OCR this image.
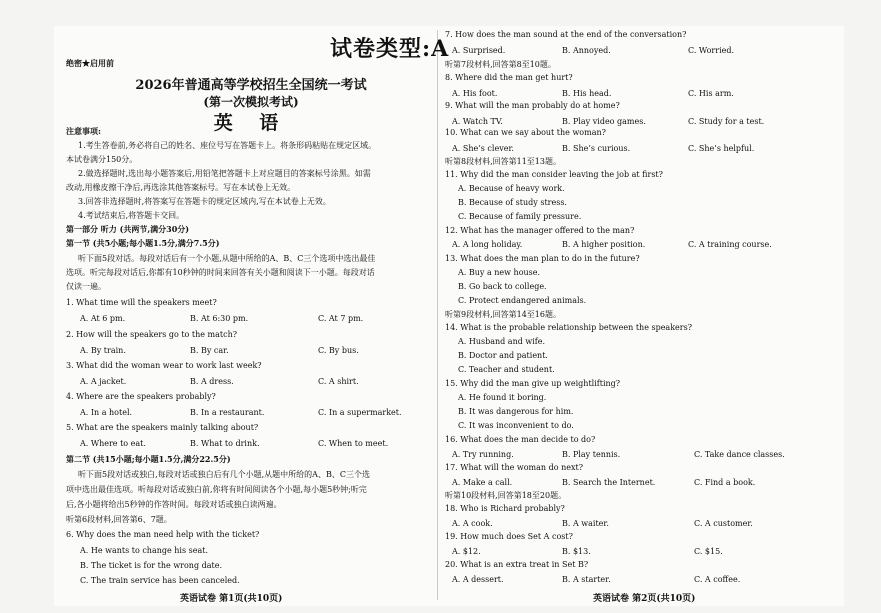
试卷类型:A
绝密★启用前
2026年普通高等学校招生全国统一考试
(第一次模拟考试)
英 语
注意事项:
1.考生答卷前,务必将自己的姓名、座位号写在答题卡上。将条形码粘贴在规定区域。
本试卷满分150分。
2.做选择题时,选出每小题答案后,用铅笔把答题卡上对应题目的答案标号涂黑。如需
改动,用橡皮擦干净后,再选涂其他答案标号。写在本试卷上无效。
3.回答非选择题时,将答案写在答题卡的规定区域内,写在本试卷上无效。
4.考试结束后,将答题卡交回。
第一部分 听力 (共两节,满分30分)
第一节 (共5小题;每小题1.5分,满分7.5分)
听下面5段对话。每段对话后有一个小题,从题中所给的A、B、C三个选项中选出最佳
选项。听完每段对话后,你都有10秒钟的时间来回答有关小题和阅读下一小题。每段对话
仅读一遍。
1. What time will the speakers meet?
A. At 6 pm.	B. At 6:30 pm.	C. At 7 pm.
2. How will the speakers go to the match?
A. By train.	B. By car.	C. By bus.
3. What did the woman wear to work last week?
A. A jacket.	B. A dress.	C. A shirt.
4. Where are the speakers probably?
A. In a hotel.	B. In a restaurant.	C. In a supermarket.
5. What are the speakers mainly talking about?
A. Where to eat.	B. What to drink.	C. When to meet.
第二节 (共15小题;每小题1.5分,满分22.5分)
听下面5段对话或独白,每段对话或独白后有几个小题,从题中所给的A、B、C三个选
项中选出最佳选项。听每段对话或独白前,你将有时间阅读各个小题,每小题5秒钟;听完
后,各小题将给出5秒钟的作答时间。每段对话或独白读两遍。
听第6段材料,回答第6、7题。
6. Why does the man need help with the ticket?
A. He wants to change his seat.
B. The ticket is for the wrong date.
C. The train service has been canceled.
7. How does the man sound at the end of the conversation?
A. Surprised.	B. Annoyed.	C. Worried.
听第7段材料,回答第8至10题。
8. Where did the man get hurt?
A. His foot.	B. His head.	C. His arm.
9. What will the man probably do at home?
A. Watch TV.	B. Play video games.	C. Study for a test.
10. What can we say about the woman?
A. She’s clever.	B. She’s curious.	C. She’s helpful.
听第8段材料,回答第11至13题。
11. Why did the man consider leaving the job at first?
A. Because of heavy work.
B. Because of study stress.
C. Because of family pressure.
12. What has the manager offered to the man?
A. A long holiday.	B. A higher position.	C. A training course.
13. What does the man plan to do in the future?
A. Buy a new house.
B. Go back to college.
C. Protect endangered animals.
听第9段材料,回答第14至16题。
14. What is the probable relationship between the speakers?
A. Husband and wife.
B. Doctor and patient.
C. Teacher and student.
15. Why did the man give up weightlifting?
A. He found it boring.
B. It was dangerous for him.
C. It was inconvenient to do.
16. What does the man decide to do?
A. Try running.	B. Play tennis.	C. Take dance classes.
17. What will the woman do next?
A. Make a call.	B. Search the Internet.	C. Find a book.
听第10段材料,回答第18至20题。
18. Who is Richard probably?
A. A cook.	B. A waiter.	C. A customer.
19. How much does Set A cost?
A. $12.	B. $13.	C. $15.
20. What is an extra treat in Set B?
A. A dessert.	B. A starter.	C. A coffee.
英语试卷 第1页(共10页)	英语试卷 第2页(共10页)
